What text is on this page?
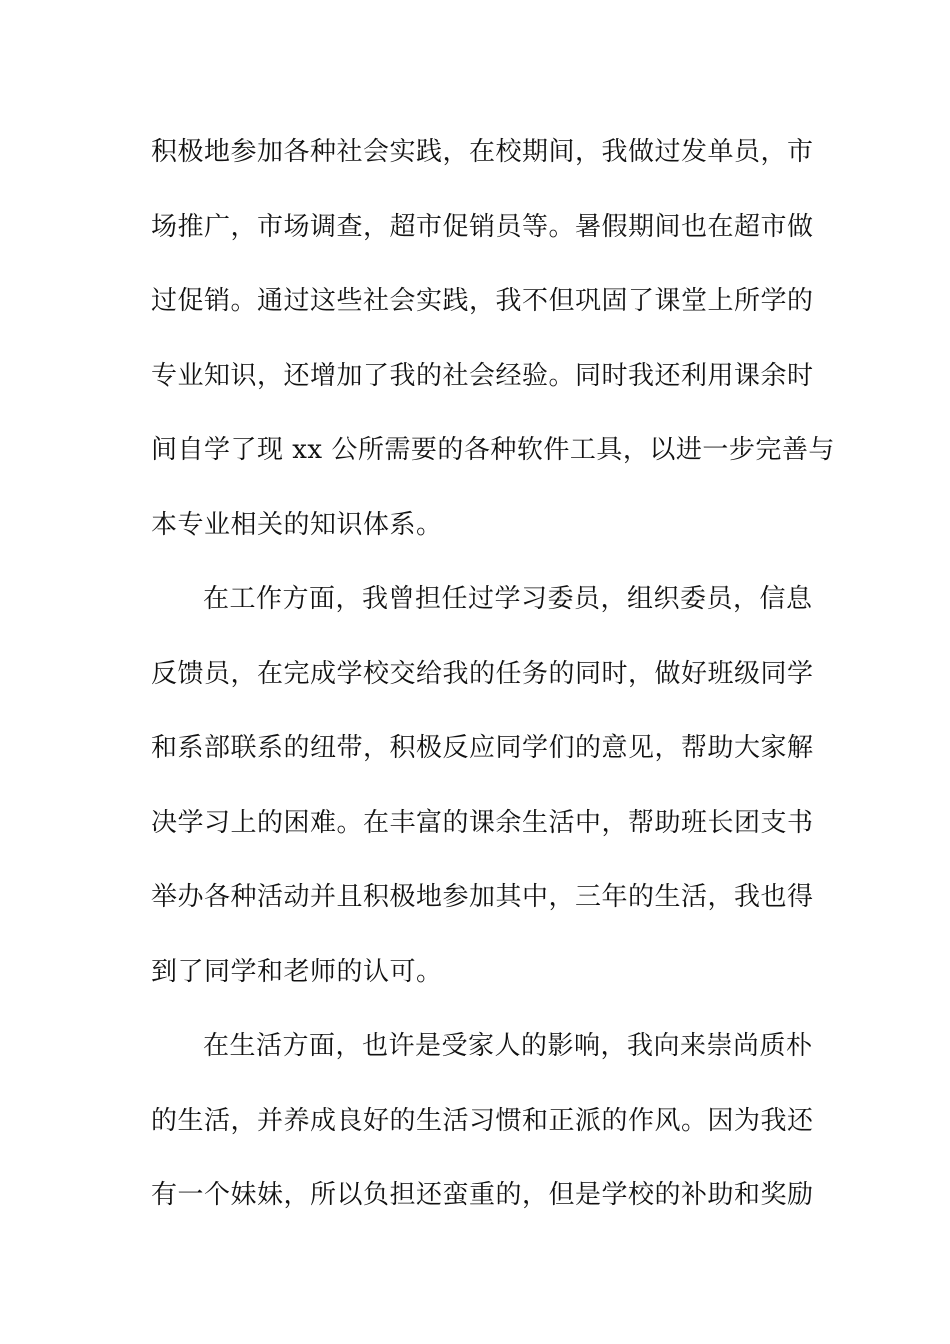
积极地参加各种社会实践，在校期间，我做过发单员，市
场推广，市场调查，超市促销员等。暑假期间也在超市做
过促销。通过这些社会实践，我不但巩固了课堂上所学的
专业知识，还增加了我的社会经验。同时我还利用课余时
间自学了现 xx 公所需要的各种软件工具，以进一步完善与
本专业相关的知识体系。
在工作方面，我曾担任过学习委员，组织委员，信息
反馈员，在完成学校交给我的任务的同时，做好班级同学
和系部联系的纽带，积极反应同学们的意见，帮助大家解
决学习上的困难。在丰富的课余生活中，帮助班长团支书
举办各种活动并且积极地参加其中，三年的生活，我也得
到了同学和老师的认可。
在生活方面，也许是受家人的影响，我向来崇尚质朴
的生活，并养成良好的生活习惯和正派的作风。因为我还
有一个妹妹，所以负担还蛮重的，但是学校的补助和奖励
